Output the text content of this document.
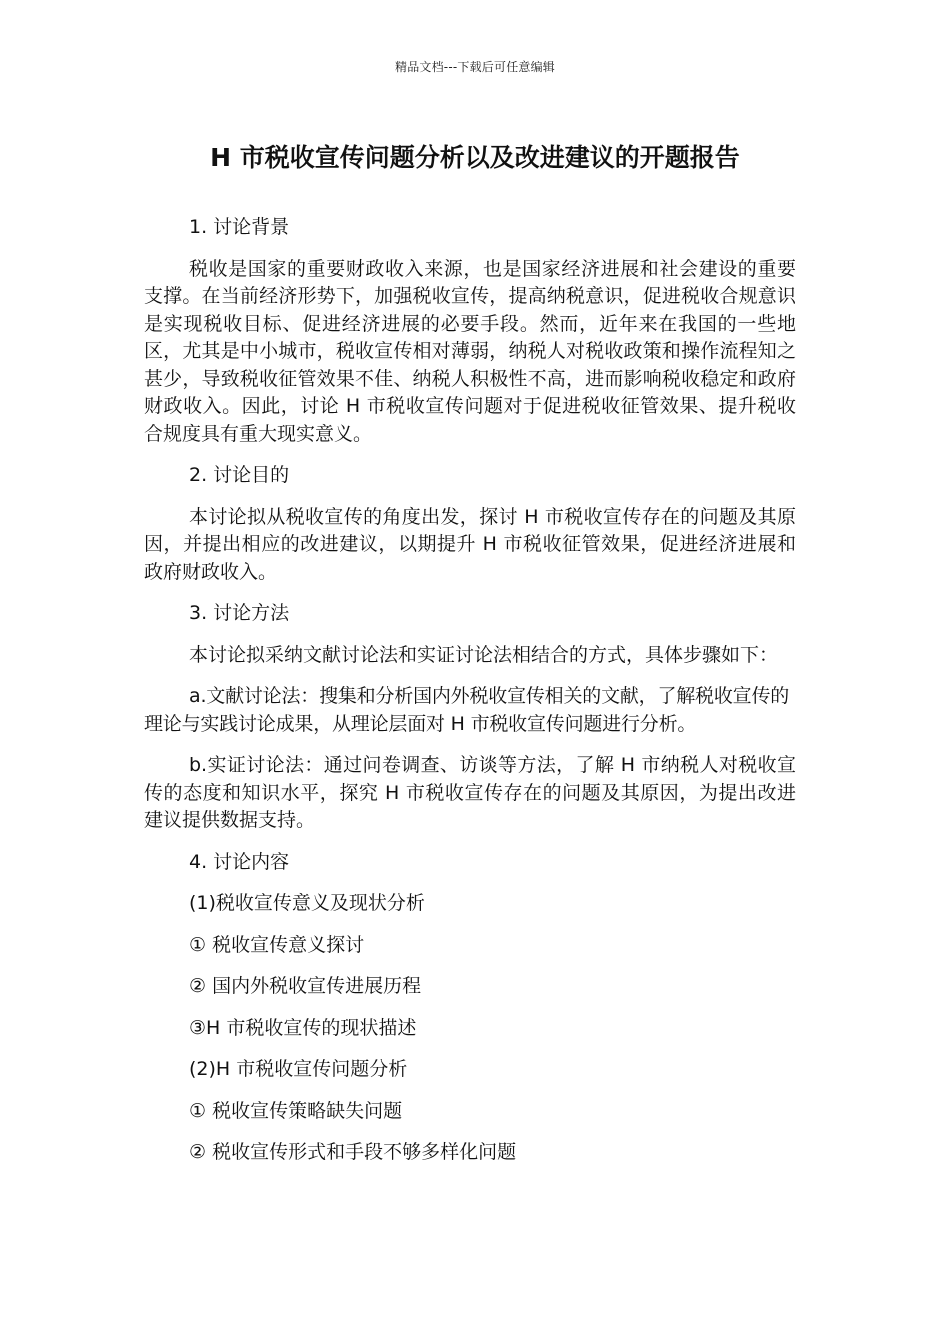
精品文档---下载后可任意编辑
H 市税收宣传问题分析以及改进建议的开题报告

1. 讨论背景

税收是国家的重要财政收入来源，也是国家经济进展和社会建设的重要支撑。在当前经济形势下，加强税收宣传，提高纳税意识，促进税收合规意识是实现税收目标、促进经济进展的必要手段。然而，近年来在我国的一些地区，尤其是中小城市，税收宣传相对薄弱，纳税人对税收政策和操作流程知之甚少，导致税收征管效果不佳、纳税人积极性不高，进而影响税收稳定和政府财政收入。因此，讨论 H 市税收宣传问题对于促进税收征管效果、提升税收合规度具有重大现实意义。

2. 讨论目的

本讨论拟从税收宣传的角度出发，探讨 H 市税收宣传存在的问题及其原因，并提出相应的改进建议，以期提升 H 市税收征管效果，促进经济进展和政府财政收入。

3. 讨论方法

本讨论拟采纳文献讨论法和实证讨论法相结合的方式，具体步骤如下：

a.文献讨论法：搜集和分析国内外税收宣传相关的文献，了解税收宣传的理论与实践讨论成果，从理论层面对 H 市税收宣传问题进行分析。

b.实证讨论法：通过问卷调查、访谈等方法，了解 H 市纳税人对税收宣传的态度和知识水平，探究 H 市税收宣传存在的问题及其原因，为提出改进建议提供数据支持。

4. 讨论内容

(1)税收宣传意义及现状分析

① 税收宣传意义探讨

② 国内外税收宣传进展历程

③H 市税收宣传的现状描述

(2)H 市税收宣传问题分析

① 税收宣传策略缺失问题

② 税收宣传形式和手段不够多样化问题
